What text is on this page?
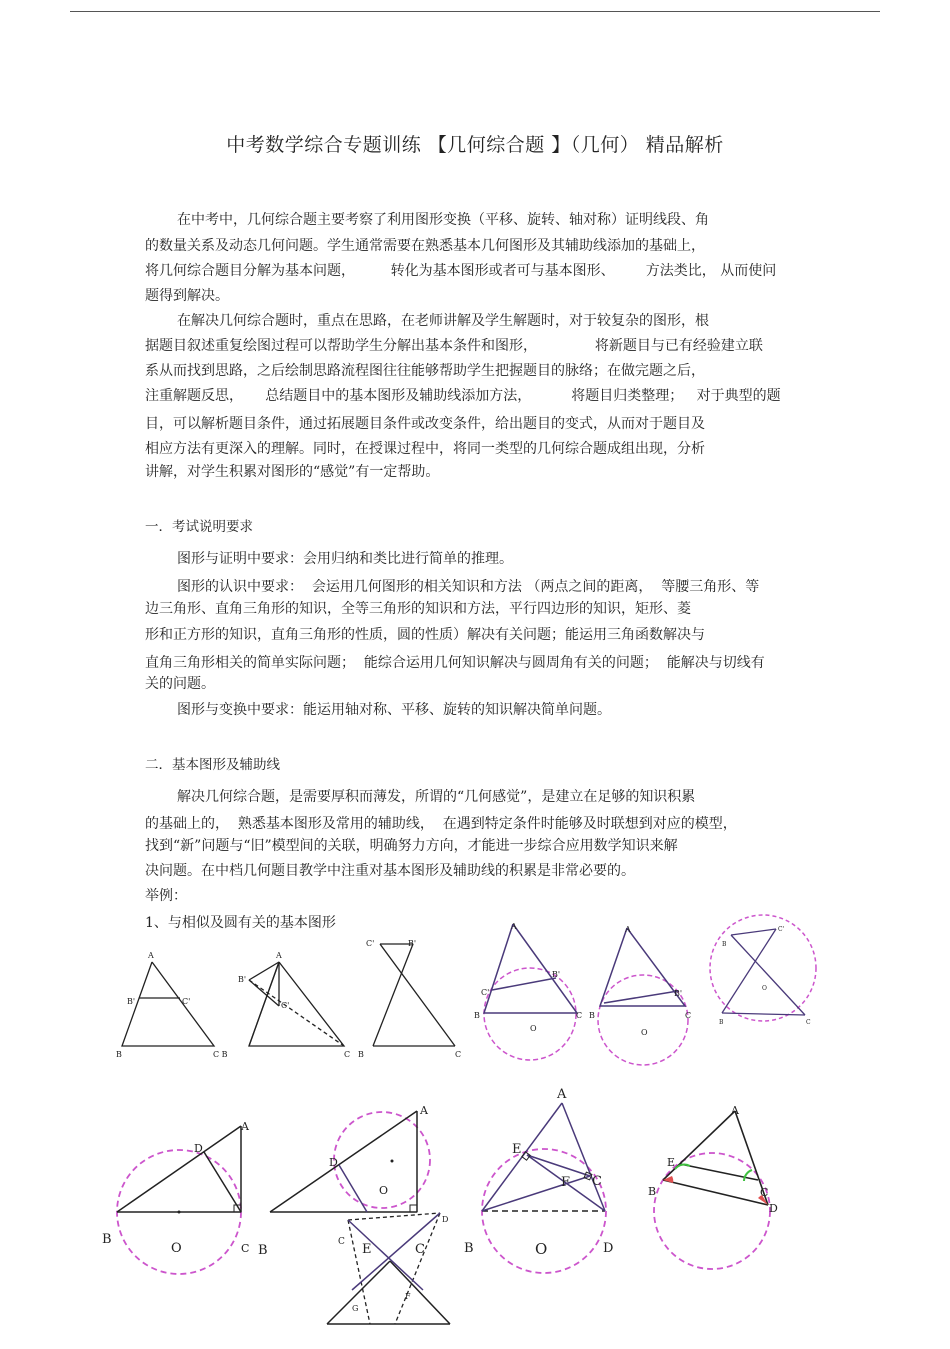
中考数学综合专题训练 【几何综合题 】（几何） 精品解析
在中考中，几何综合题主要考察了利用图形变换（平移、旋转、轴对称）证明线段、角
的数量关系及动态几何问题。学生通常需要在熟悉基本几何图形及其辅助线添加的基础上，
将几何综合题目分解为基本问题，        转化为基本图形或者可与基本图形、       方法类比， 从而使问
题得到解决。
在解决几何综合题时，重点在思路，在老师讲解及学生解题时，对于较复杂的图形，根
据题目叙述重复绘图过程可以帮助学生分解出基本条件和图形，             将新题目与已有经验建立联
系从而找到思路，之后绘制思路流程图往往能够帮助学生把握题目的脉络；在做完题之后，
注重解题反思，     总结题目中的基本图形及辅助线添加方法，         将题目归类整理；   对于典型的题
目，可以解析题目条件，通过拓展题目条件或改变条件，给出题目的变式，从而对于题目及
相应方法有更深入的理解。同时，在授课过程中，将同一类型的几何综合题成组出现，分析
讲解，对学生积累对图形的“感觉”有一定帮助。
一．考试说明要求
图形与证明中要求：会用归纳和类比进行简单的推理。
图形的认识中要求：  会运用几何图形的相关知识和方法 （两点之间的距离，  等腰三角形、等
边三角形、直角三角形的知识，全等三角形的知识和方法，平行四边形的知识，矩形、菱
形和正方形的知识，直角三角形的性质，圆的性质）解决有关问题；能运用三角函数解决与
直角三角形相关的简单实际问题；  能综合运用几何知识解决与圆周角有关的问题；  能解决与切线有
关的问题。
图形与变换中要求：能运用轴对称、平移、旋转的知识解决简单问题。
二．基本图形及辅助线
解决几何综合题，是需要厚积而薄发，所谓的“几何感觉”，是建立在足够的知识积累
的基础上的，  熟悉基本图形及常用的辅助线，  在遇到特定条件时能够及时联想到对应的模型，
找到“新”问题与“旧”模型间的关联，明确努力方向，才能进一步综合应用数学知识来解
决问题。在中档几何题目教学中注重对基本图形及辅助线的积累是非常必要的。
举例：
1、与相似及圆有关的基本图形
A
B'	C'
B	C B
A
B'
C'
C
C'	B'
B	C
A
C'
B'
B	C
O
A
B'
B	C
O
B
C'
O
B	C
A
D
B
O	C
A
D
O
B
C E	C
D
G
F
A
E
F C
B	O	D
A
E
B	C
D
